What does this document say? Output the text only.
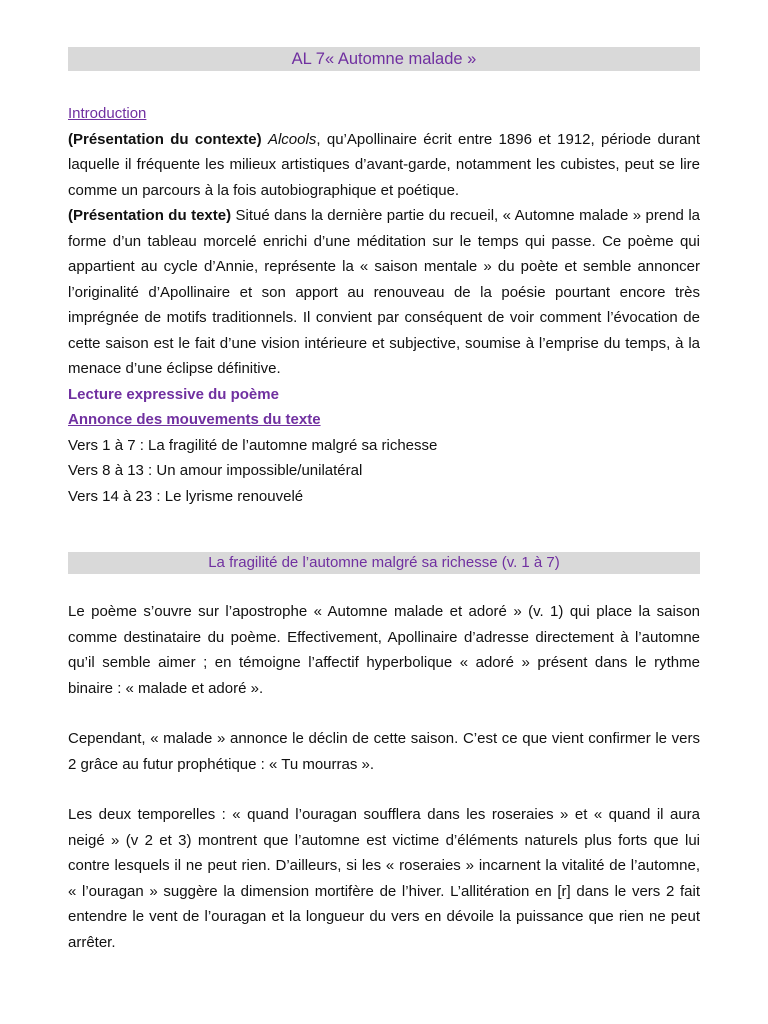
AL 7« Automne malade »

Introduction

(Présentation du contexte) Alcools, qu’Apollinaire écrit entre 1896 et 1912, période durant laquelle il fréquente les milieux artistiques d’avant-garde, notamment les cubistes, peut se lire comme un parcours à la fois autobiographique et poétique.

(Présentation du texte) Situé dans la dernière partie du recueil, « Automne malade » prend la forme d’un tableau morcelé enrichi d’une méditation sur le temps qui passe. Ce poème qui appartient au cycle d’Annie, représente la « saison mentale » du poète et semble annoncer l’originalité d’Apollinaire et son apport au renouveau de la poésie pourtant encore très imprégnée de motifs traditionnels. Il convient par conséquent de voir comment l’évocation de cette saison est le fait d’une vision intérieure et subjective, soumise à l’emprise du temps, à la menace d’une éclipse définitive.

Lecture expressive du poème

Annonce des mouvements du texte

Vers 1 à 7 : La fragilité de l’automne malgré sa richesse

Vers 8 à 13 : Un amour impossible/unilatéral

Vers 14 à 23 : Le lyrisme renouvelé

La fragilité de l’automne malgré sa richesse (v. 1 à 7)

Le poème s’ouvre sur l’apostrophe « Automne malade et adoré » (v. 1) qui place la saison comme destinataire du poème. Effectivement, Apollinaire d’adresse directement à l’automne qu’il semble aimer ; en témoigne l’affectif hyperbolique « adoré » présent dans le rythme binaire : « malade et adoré ».

Cependant, « malade » annonce le déclin de cette saison. C’est ce que vient confirmer le vers 2 grâce au futur prophétique : « Tu mourras ».

Les deux temporelles : « quand l’ouragan soufflera dans les roseraies » et « quand il aura neigé » (v 2 et 3) montrent que l’automne est victime d’éléments naturels plus forts que lui contre lesquels il ne peut rien. D’ailleurs, si les « roseraies » incarnent la vitalité de l’automne, « l’ouragan » suggère la dimension mortifère de l’hiver. L’allitération en [r] dans le vers 2 fait entendre le vent de l’ouragan et la longueur du vers en dévoile la puissance que rien ne peut arrêter.
